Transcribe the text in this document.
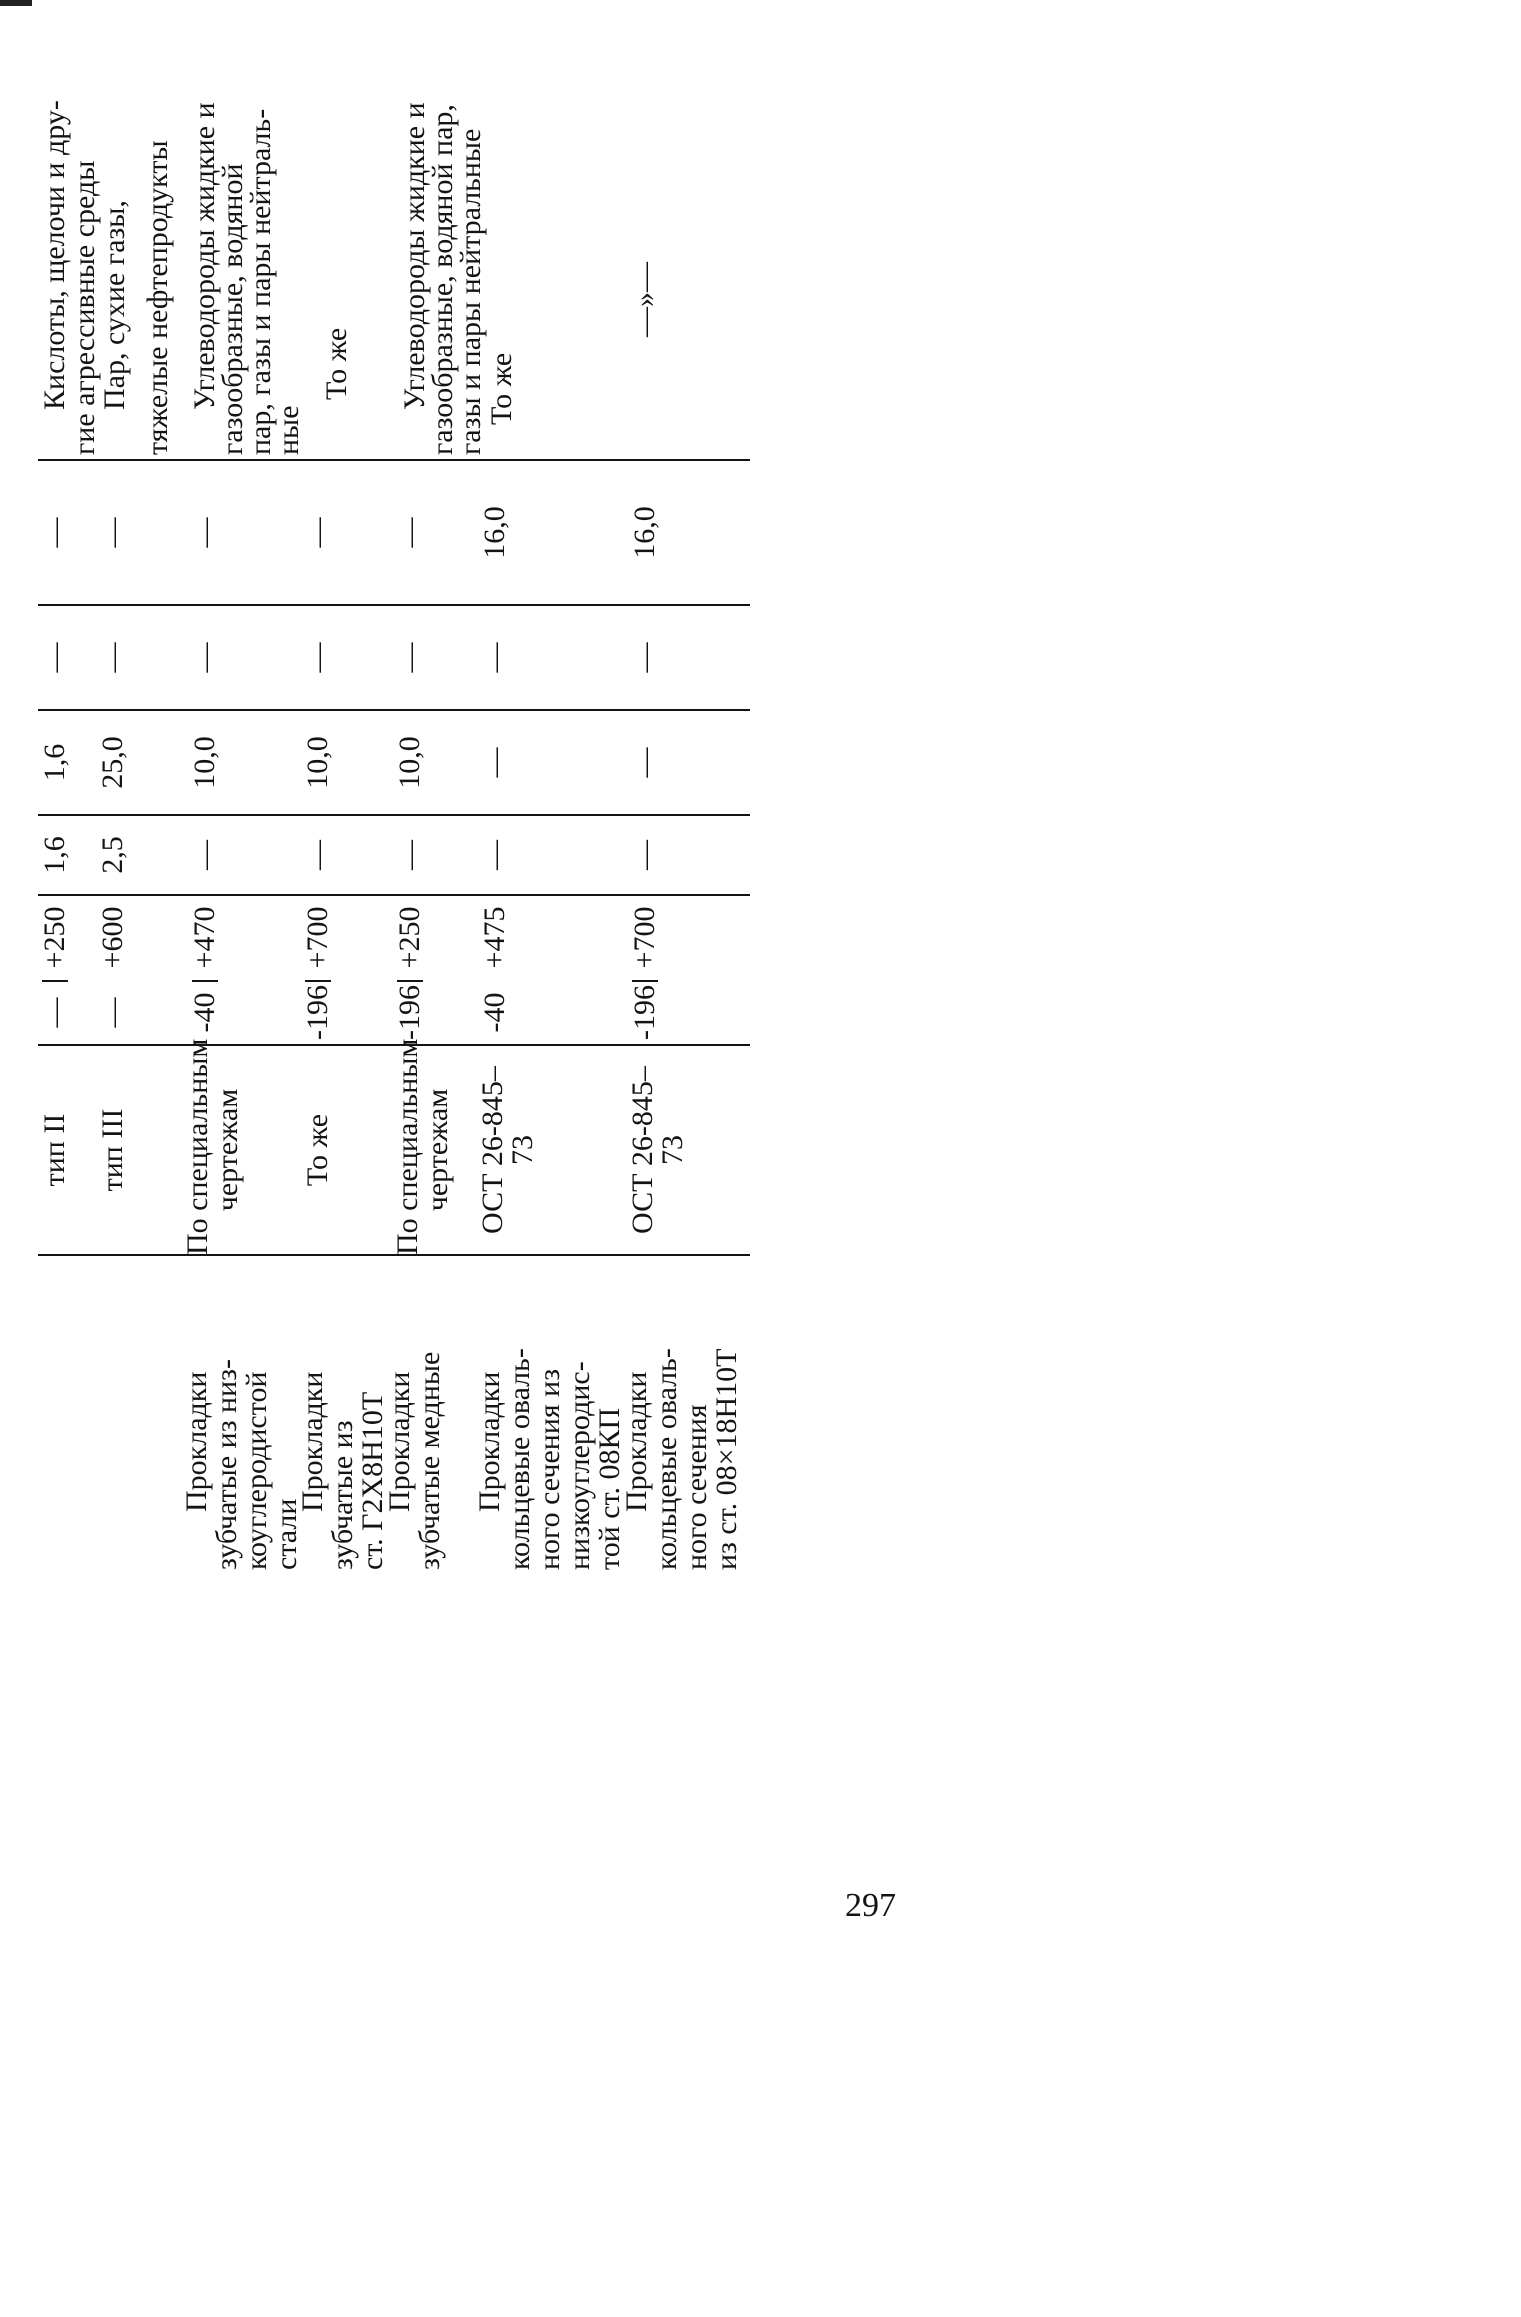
тип II
—
+250
1,6
1,6
—
—
Кислоты, щелочи и дру-
гие агрессивные среды
тип III
—
+600
2,5
25,0
—
—
Пар, сухие газы, тяжелые нефтепродукты
Прокладки
зубчатые из низ-
коуглеродистой
стали
По специальным
чертежам
-40
+470
—
10,0
—
—
Углеводороды жидкие и
газообразные, водяной
пар, газы и пары нейтраль-
ные
Прокладки
зубчатые из
ст. Г2Х8Н10Т
То же
-196
+700
—
10,0
—
—
То же
Прокладки
зубчатые медные
По специальным
чертежам
-196
+250
—
10,0
—
—
Углеводороды жидкие и
газообразные, водяной пар,
газы и пары нейтральные
Прокладки
кольцевые оваль-
ного сечения из
низкоуглеродис-
той ст. 08КП
ОСТ 26-845–
73
-40
+475
—
—
—
16,0
То же
Прокладки
кольцевые оваль-
ного сечения
из ст. 08×18Н10Т
ОСТ 26-845–
73
-196
+700
—
—
—
16,0
—»—
297
